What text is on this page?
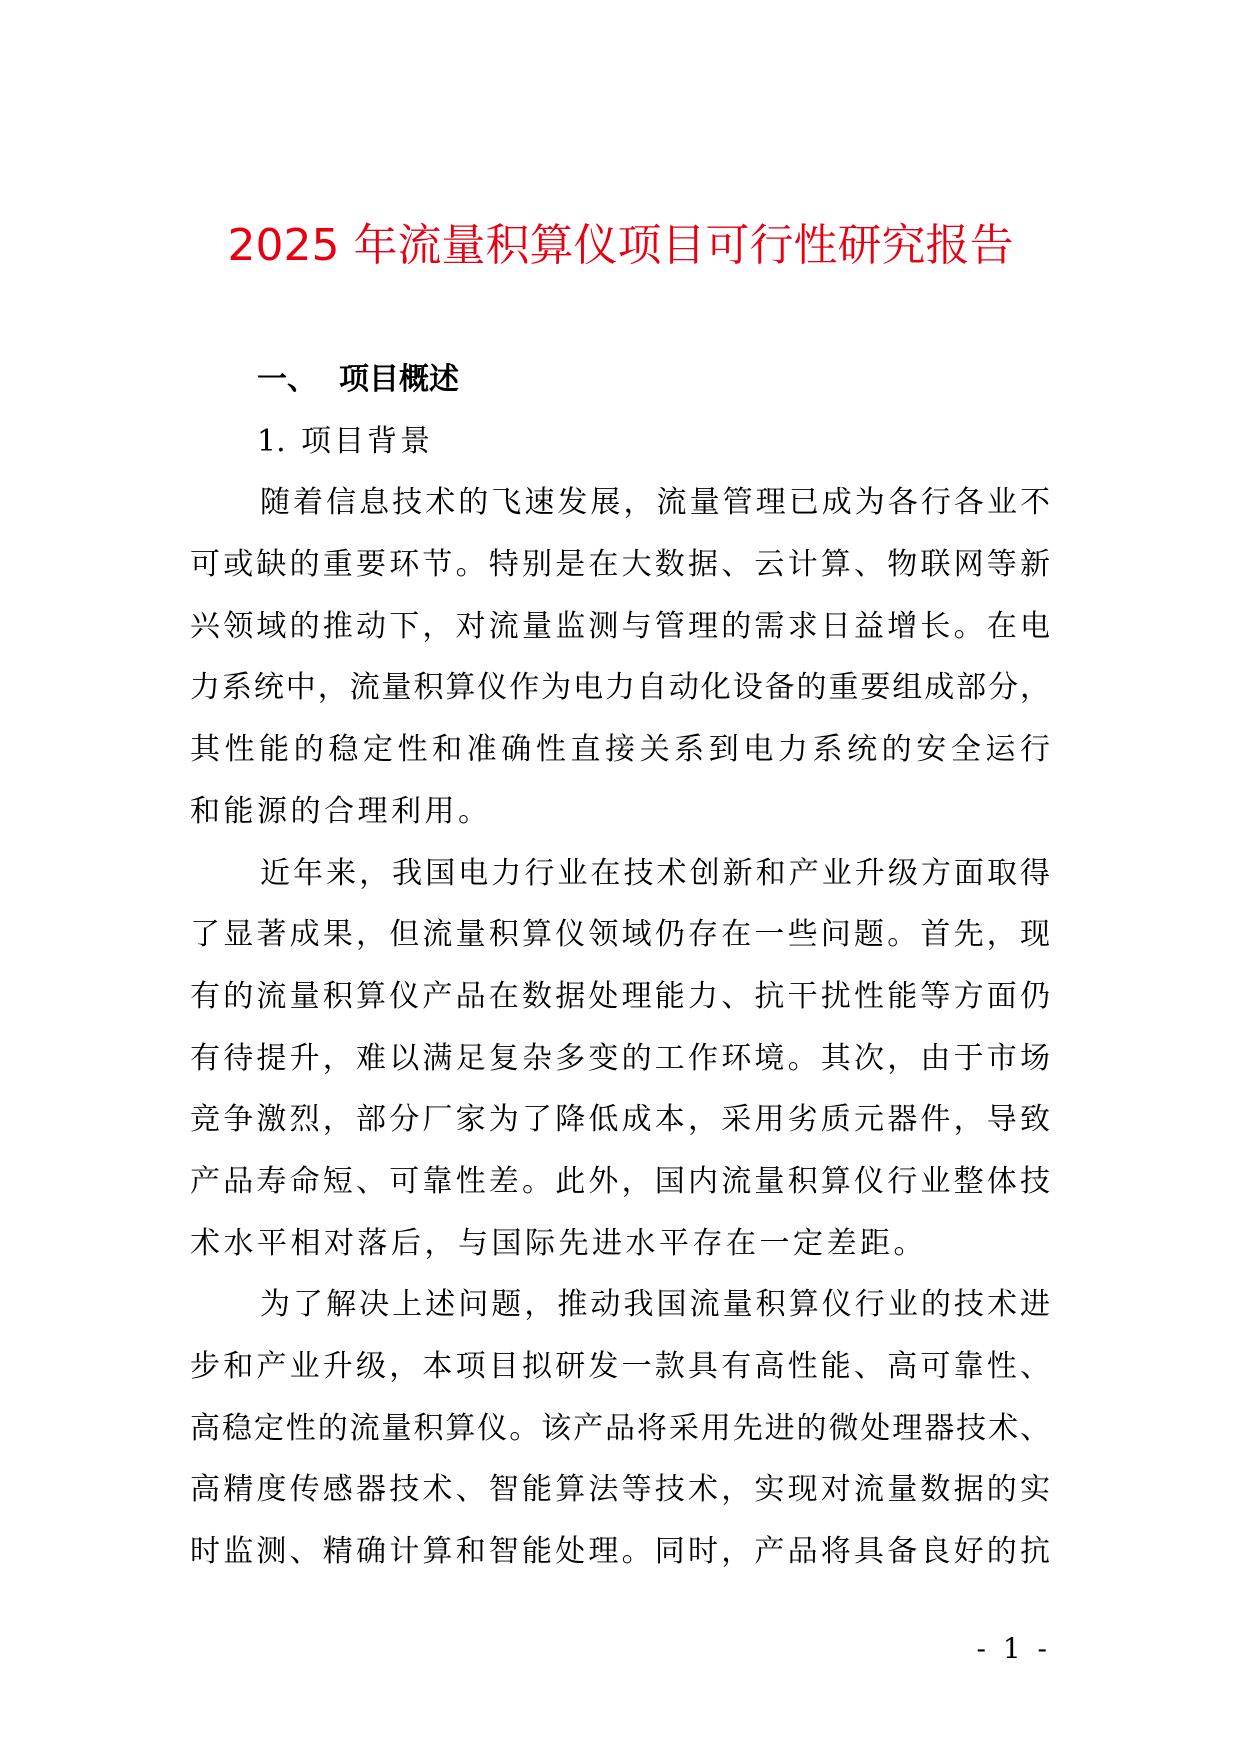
2025 年流量积算仪项目可行性研究报告
一、 项目概述
1. 项目背景
随着信息技术的飞速发展，流量管理已成为各行各业不
可或缺的重要环节。特别是在大数据、云计算、物联网等新
兴领域的推动下，对流量监测与管理的需求日益增长。在电
力系统中，流量积算仪作为电力自动化设备的重要组成部分，
其性能的稳定性和准确性直接关系到电力系统的安全运行
和能源的合理利用。
近年来，我国电力行业在技术创新和产业升级方面取得
了显著成果，但流量积算仪领域仍存在一些问题。首先，现
有的流量积算仪产品在数据处理能力、抗干扰性能等方面仍
有待提升，难以满足复杂多变的工作环境。其次，由于市场
竞争激烈，部分厂家为了降低成本，采用劣质元器件，导致
产品寿命短、可靠性差。此外，国内流量积算仪行业整体技
术水平相对落后，与国际先进水平存在一定差距。
为了解决上述问题，推动我国流量积算仪行业的技术进
步和产业升级，本项目拟研发一款具有高性能、高可靠性、
高稳定性的流量积算仪。该产品将采用先进的微处理器技术、
高精度传感器技术、智能算法等技术，实现对流量数据的实
时监测、精确计算和智能处理。同时，产品将具备良好的抗
- 1 -
